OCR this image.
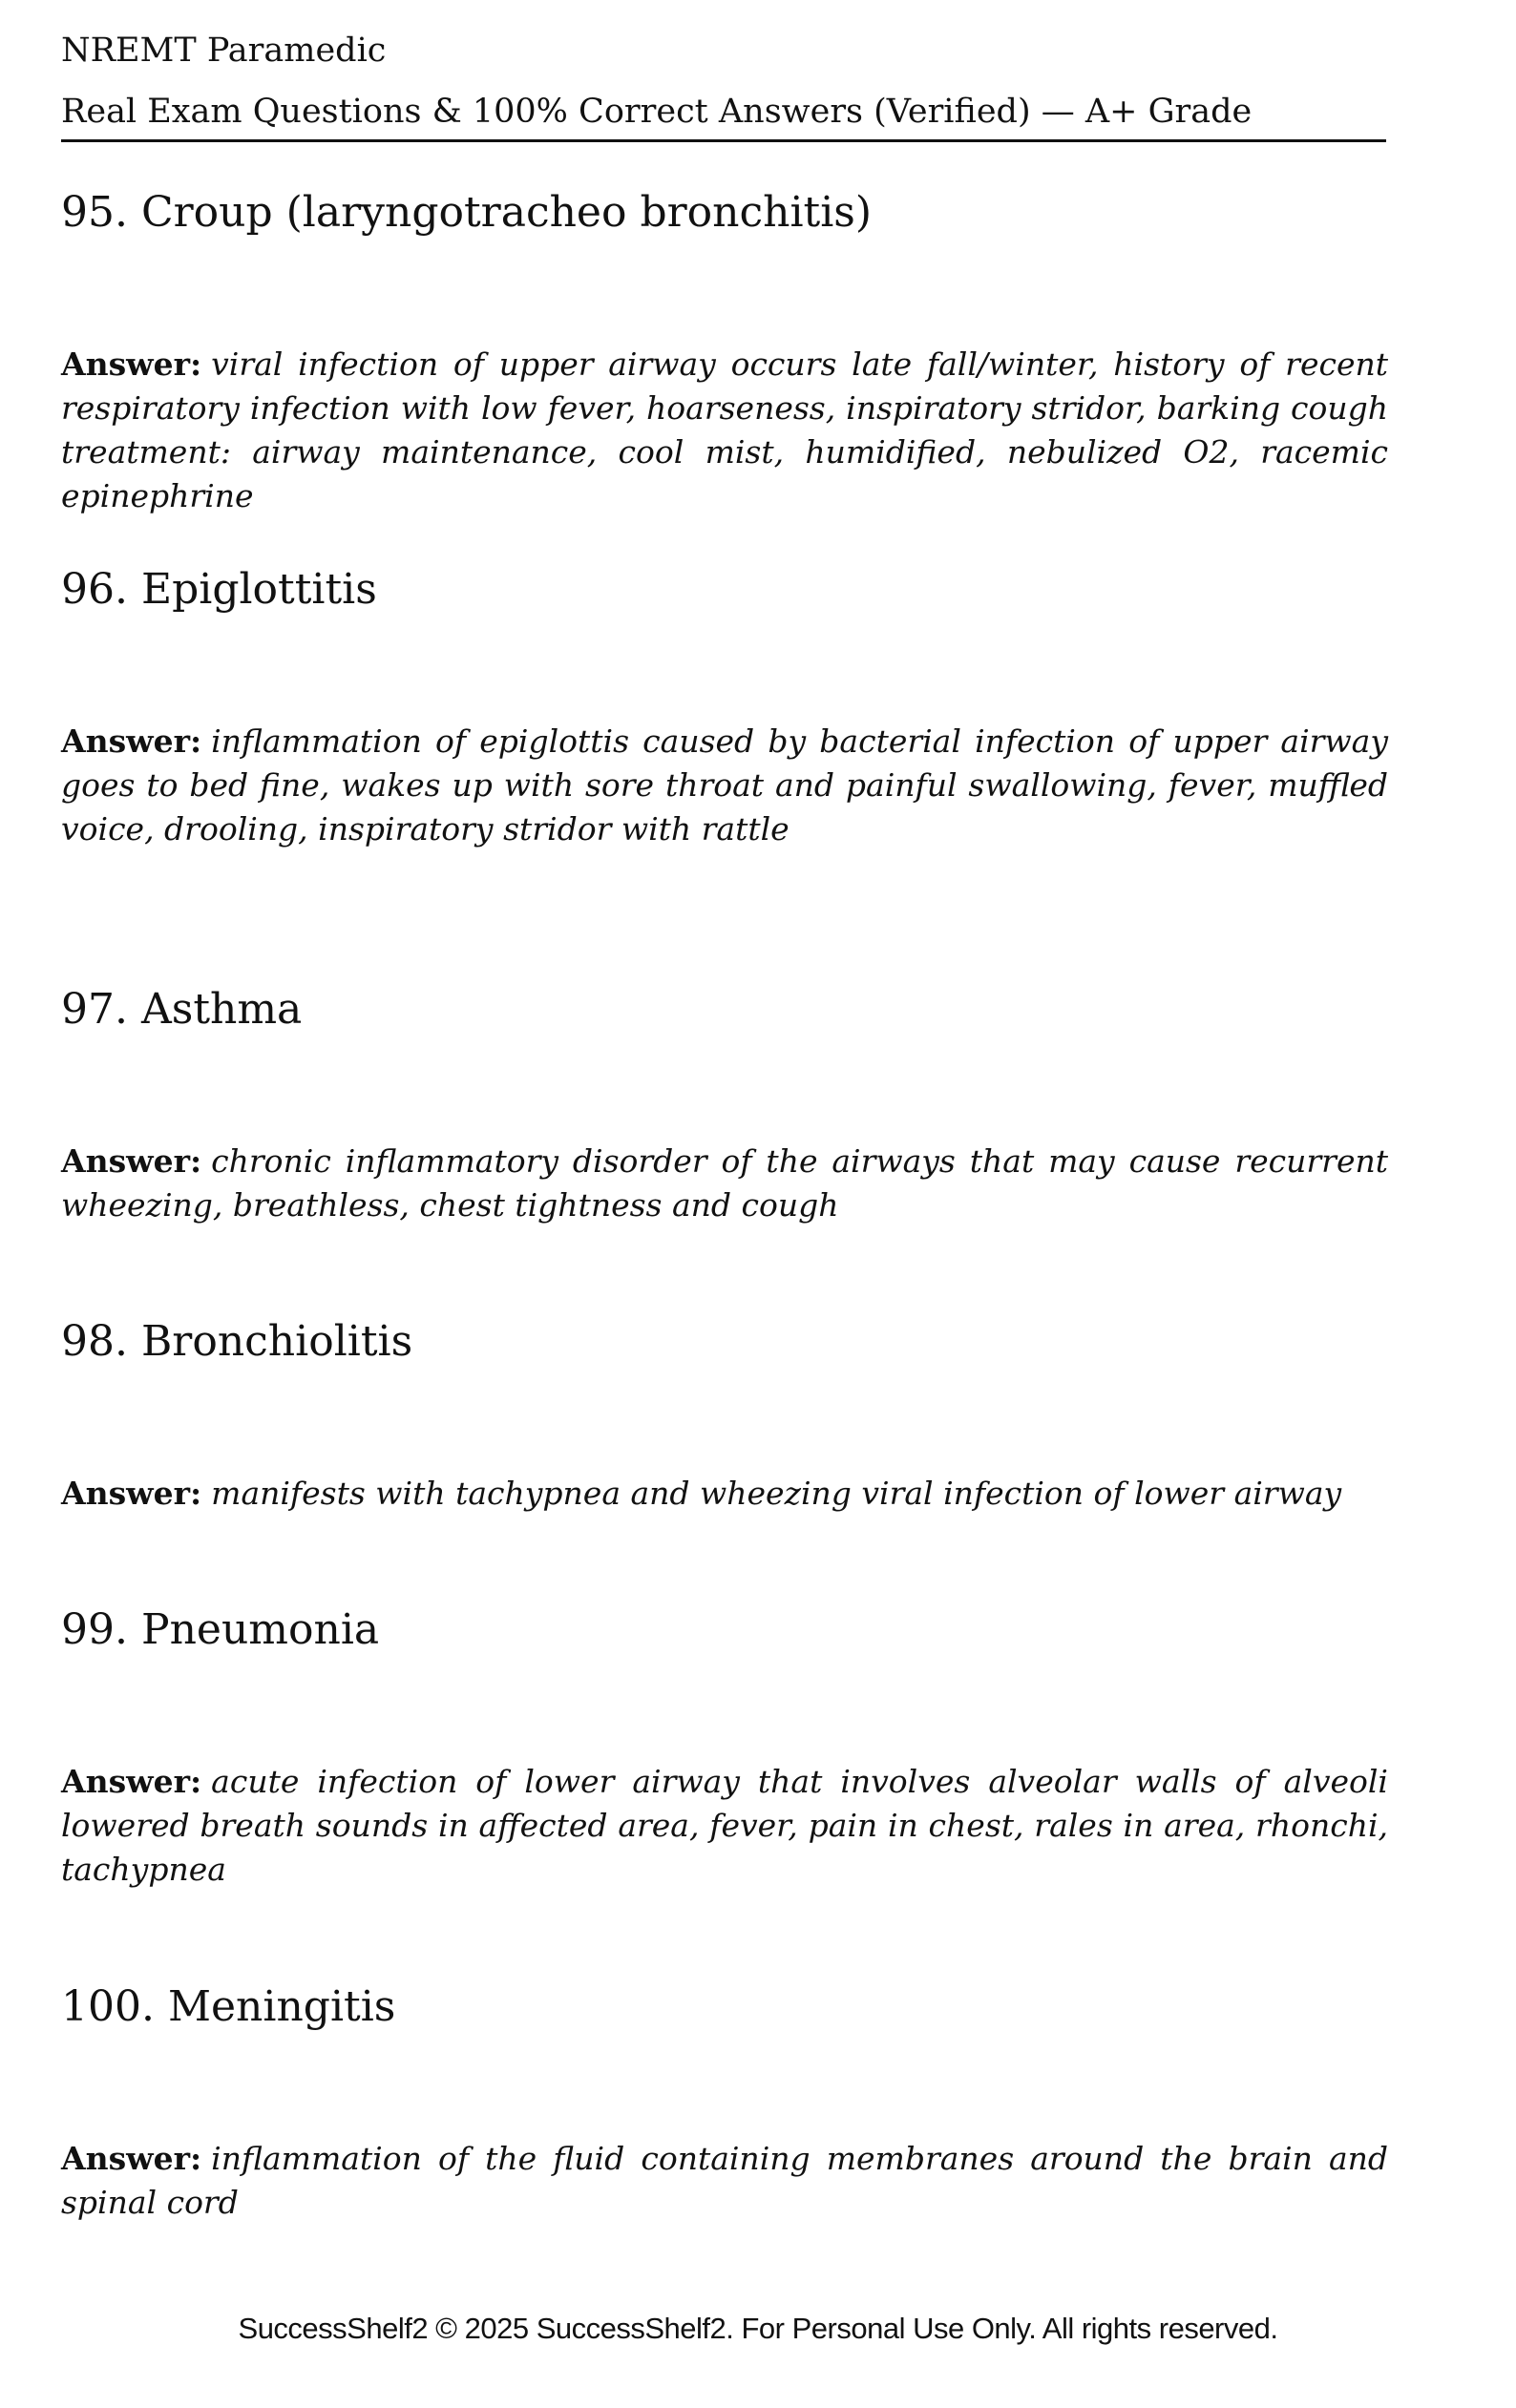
NREMT Paramedic
Real Exam Questions & 100% Correct Answers (Verified) — A+ Grade
95. Croup (laryngotracheo bronchitis)

Answer: viral infection of upper airway occurs late fall/winter, history of recent respiratory infection with low fever, hoarseness, inspiratory stridor, barking cough treatment: airway maintenance, cool mist, humidified, nebulized O2, racemic epinephrine

96. Epiglottitis

Answer: inflammation of epiglottis caused by bacterial infection of upper airway goes to bed fine, wakes up with sore throat and painful swallowing, fever, muffled voice, drooling, inspiratory stridor with rattle

97. Asthma

Answer: chronic inflammatory disorder of the airways that may cause recurrent wheezing, breathless, chest tightness and cough

98. Bronchiolitis

Answer: manifests with tachypnea and wheezing viral infection of lower airway

99. Pneumonia

Answer: acute infection of lower airway that involves alveolar walls of alveoli lowered breath sounds in affected area, fever, pain in chest, rales in area, rhonchi, tachypnea

100. Meningitis

Answer: inflammation of the fluid containing membranes around the brain and spinal cord

SuccessShelf2 © 2025 SuccessShelf2. For Personal Use Only. All rights reserved.
